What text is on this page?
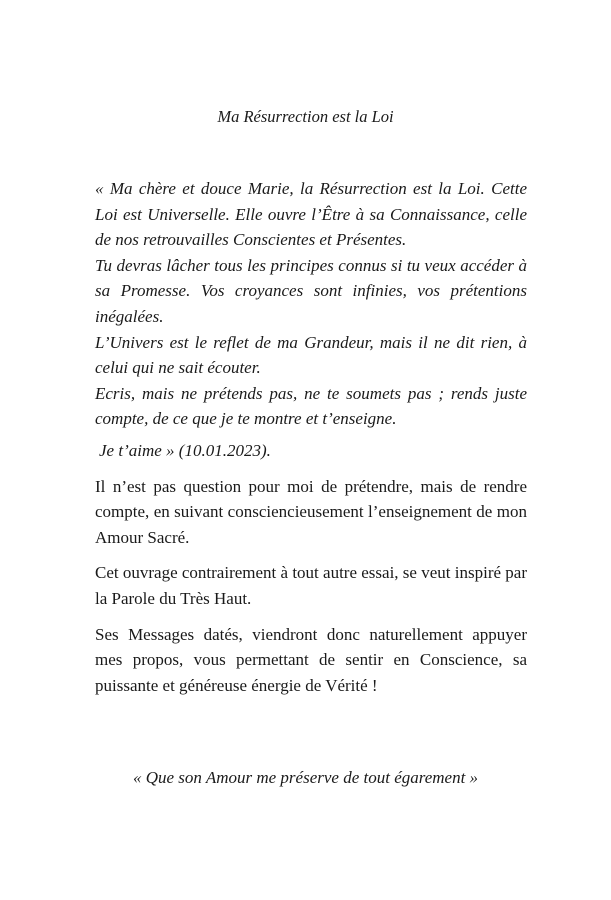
Ma Résurrection est la Loi

« Ma chère et douce Marie, la Résurrection est la Loi. Cette Loi est Universelle. Elle ouvre l’Être à sa Connaissance, celle de nos retrouvailles Conscientes et Présentes.

Tu devras lâcher tous les principes connus si tu veux accéder à sa Promesse. Vos croyances sont infinies, vos prétentions inégalées.

L’Univers est le reflet de ma Grandeur, mais il ne dit rien, à celui qui ne sait écouter.

Ecris, mais ne prétends pas, ne te soumets pas ; rends juste compte, de ce que je te montre et t’enseigne.

Je t’aime » (10.01.2023).

Il n’est pas question pour moi de prétendre, mais de rendre compte, en suivant consciencieusement l’enseignement de mon Amour Sacré.

Cet ouvrage contrairement à tout autre essai, se veut inspiré par la Parole du Très Haut.

Ses Messages datés, viendront donc naturellement appuyer mes propos, vous permettant de sentir en Conscience, sa puissante et généreuse énergie de Vérité !

« Que son Amour me préserve de tout égarement »
